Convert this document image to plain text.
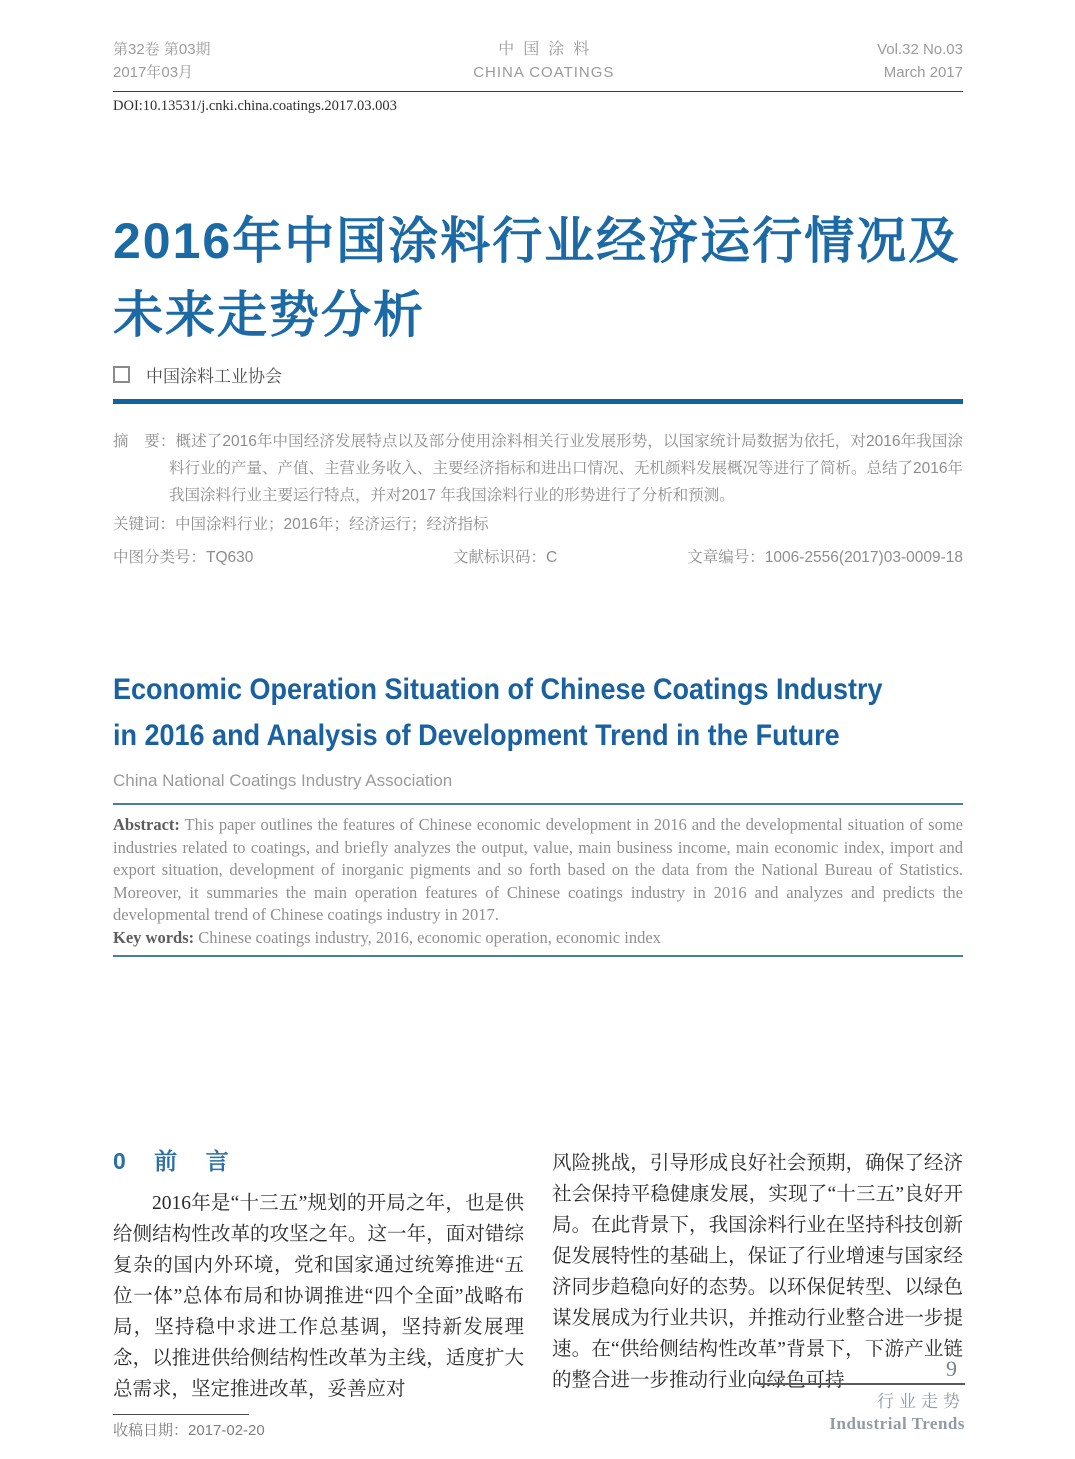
第32卷 第03期
2017年03月
中国涂料
CHINA COATINGS
Vol.32 No.03
March 2017
DOI:10.13531/j.cnki.china.coatings.2017.03.003
2016年中国涂料行业经济运行情况及
未来走势分析
中国涂料工业协会
摘　要：概述了2016年中国经济发展特点以及部分使用涂料相关行业发展形势，以国家统计局数据为依托，对2016年我国涂料行业的产量、产值、主营业务收入、主要经济指标和进出口情况、无机颜料发展概况等进行了简析。总结了2016年我国涂料行业主要运行特点，并对2017 年我国涂料行业的形势进行了分析和预测。
关键词：中国涂料行业；2016年；经济运行；经济指标
中图分类号：TQ630	文献标识码：C	文章编号：1006-2556(2017)03-0009-18
Economic Operation Situation of Chinese Coatings Industry
in 2016 and Analysis of Development Trend in the Future
China National Coatings Industry Association

Abstract: This paper outlines the features of Chinese economic development in 2016 and the developmental situation of some industries related to coatings, and briefly analyzes the output, value, main business income, main economic index, import and export situation, development of inorganic pigments and so forth based on the data from the National Bureau of Statistics. Moreover, it summaries the main operation features of Chinese coatings industry in 2016 and analyzes and predicts the developmental trend of Chinese coatings industry in 2017.

Key words: Chinese coatings industry, 2016, economic operation, economic index

0 前 言

2016年是“十三五”规划的开局之年，也是供给侧结构性改革的攻坚之年。这一年，面对错综复杂的国内外环境，党和国家通过统筹推进“五位一体”总体布局和协调推进“四个全面”战略布局，坚持稳中求进工作总基调，坚持新发展理念，以推进供给侧结构性改革为主线，适度扩大总需求，坚定推进改革，妥善应对

收稿日期：2017-02-20

风险挑战，引导形成良好社会预期，确保了经济社会保持平稳健康发展，实现了“十三五”良好开局。在此背景下，我国涂料行业在坚持科技创新促发展特性的基础上，保证了行业增速与国家经济同步趋稳向好的态势。以环保促转型、以绿色谋发展成为行业共识，并推动行业整合进一步提速。在“供给侧结构性改革”背景下，下游产业链的整合进一步推动行业向绿色可持	9
行业走势
Industrial Trends
